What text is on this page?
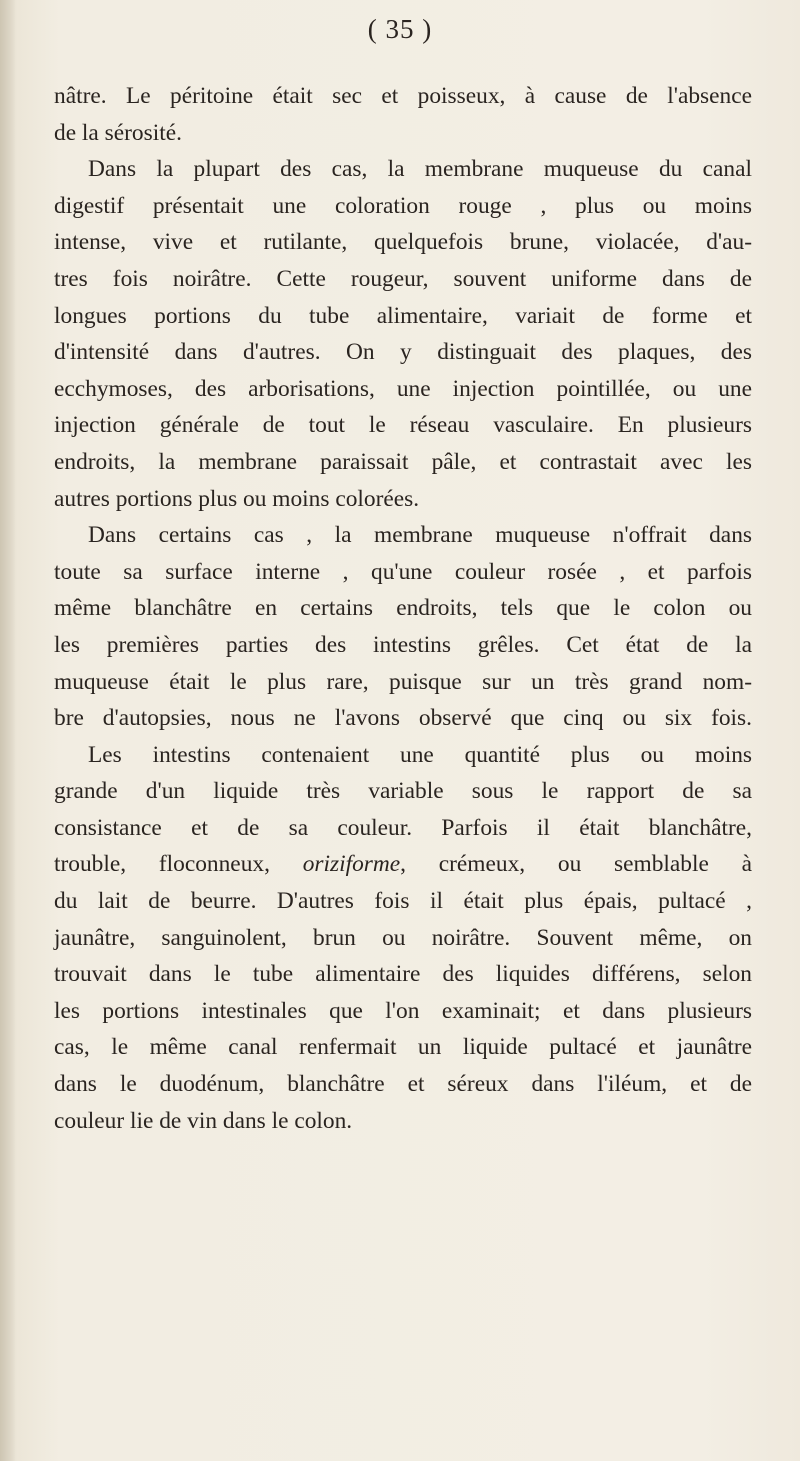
( 35 )
nâtre. Le péritoine était sec et poisseux, à cause de l'absence
de la sérosité.
Dans la plupart des cas, la membrane muqueuse du canal
digestif présentait une coloration rouge , plus ou moins
intense, vive et rutilante, quelquefois brune, violacée, d'au-
tres fois noirâtre. Cette rougeur, souvent uniforme dans de
longues portions du tube alimentaire, variait de forme et
d'intensité dans d'autres. On y distinguait des plaques, des
ecchymoses, des arborisations, une injection pointillée, ou une
injection générale de tout le réseau vasculaire. En plusieurs
endroits, la membrane paraissait pâle, et contrastait avec les
autres portions plus ou moins colorées.
Dans certains cas , la membrane muqueuse n'offrait dans
toute sa surface interne , qu'une couleur rosée , et parfois
même blanchâtre en certains endroits, tels que le colon ou
les premières parties des intestins grêles. Cet état de la
muqueuse était le plus rare, puisque sur un très grand nom-
bre d'autopsies, nous ne l'avons observé que cinq ou six fois.
Les intestins contenaient une quantité plus ou moins
grande d'un liquide très variable sous le rapport de sa
consistance et de sa couleur. Parfois il était blanchâtre,
trouble, floconneux, oriziforme, crémeux, ou semblable à
du lait de beurre. D'autres fois il était plus épais, pultacé ,
jaunâtre, sanguinolent, brun ou noirâtre. Souvent même, on
trouvait dans le tube alimentaire des liquides différens, selon
les portions intestinales que l'on examinait; et dans plusieurs
cas, le même canal renfermait un liquide pultacé et jaunâtre
dans le duodénum, blanchâtre et séreux dans l'iléum, et de
couleur lie de vin dans le colon.
